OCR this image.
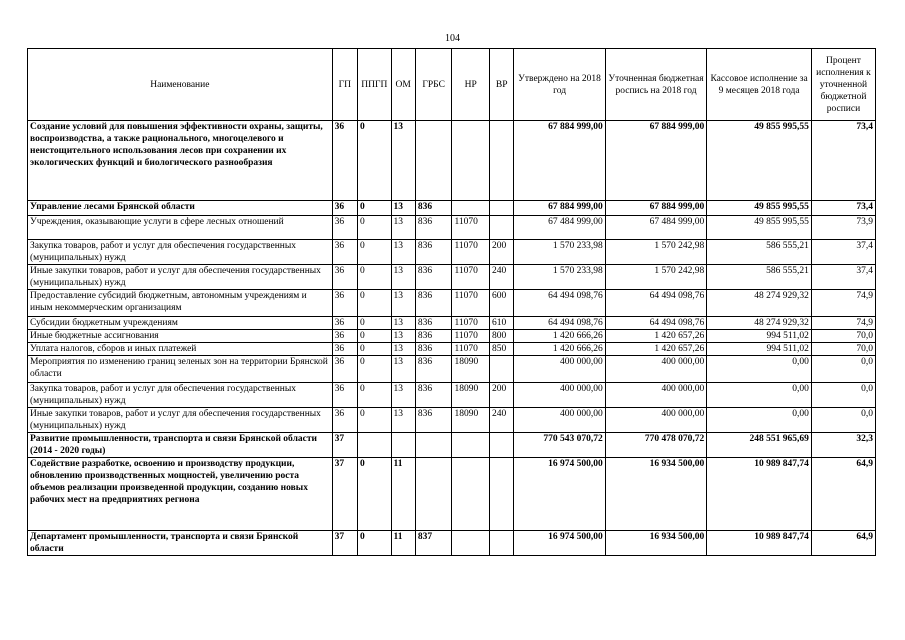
104
Наименование	ГП	ППГП	ОМ	ГРБС	НР	ВР	Утверждено на 2018 год	Уточненная бюджетная роспись на 2018 год	Кассовое исполнение за 9 месяцев 2018 года	Процент исполнения к уточненной бюджетной росписи
Создание условий для повышения эффективности охраны, защиты, воспроизводства, а также рационального, многоцелевого и неистощительного использования лесов при сохранении их экологических функций и биологического разнообразия	36	0	13				67 884 999,00	67 884 999,00	49 855 995,55	73,4
Управление лесами Брянской области	36	0	13	836			67 884 999,00	67 884 999,00	49 855 995,55	73,4
Учреждения, оказывающие услуги в сфере лесных отношений	36	0	13	836	11070		67 484 999,00	67 484 999,00	49 855 995,55	73,9
Закупка товаров, работ и услуг для обеспечения государственных (муниципальных) нужд	36	0	13	836	11070	200	1 570 233,98	1 570 242,98	586 555,21	37,4
Иные закупки товаров, работ и услуг для обеспечения государственных (муниципальных) нужд	36	0	13	836	11070	240	1 570 233,98	1 570 242,98	586 555,21	37,4
Предоставление субсидий бюджетным, автономным учреждениям и иным некоммерческим организациям	36	0	13	836	11070	600	64 494 098,76	64 494 098,76	48 274 929,32	74,9
Субсидии бюджетным учреждениям	36	0	13	836	11070	610	64 494 098,76	64 494 098,76	48 274 929,32	74,9
Иные бюджетные ассигнования	36	0	13	836	11070	800	1 420 666,26	1 420 657,26	994 511,02	70,0
Уплата налогов, сборов и иных платежей	36	0	13	836	11070	850	1 420 666,26	1 420 657,26	994 511,02	70,0
Мероприятия по изменению границ зеленых зон на территории Брянской области	36	0	13	836	18090		400 000,00	400 000,00	0,00	0,0
Закупка товаров, работ и услуг для обеспечения государственных (муниципальных) нужд	36	0	13	836	18090	200	400 000,00	400 000,00	0,00	0,0
Иные закупки товаров, работ и услуг для обеспечения государственных (муниципальных) нужд	36	0	13	836	18090	240	400 000,00	400 000,00	0,00	0,0
Развитие промышленности, транспорта и связи Брянской области (2014 - 2020 годы)	37						770 543 070,72	770 478 070,72	248 551 965,69	32,3
Содействие разработке, освоению и производству продукции, обновлению производственных мощностей, увеличению роста объемов реализации произведенной продукции, созданию новых рабочих мест на предприятиях региона	37	0	11				16 974 500,00	16 934 500,00	10 989 847,74	64,9
Департамент промышленности, транспорта и связи Брянской области	37	0	11	837			16 974 500,00	16 934 500,00	10 989 847,74	64,9
